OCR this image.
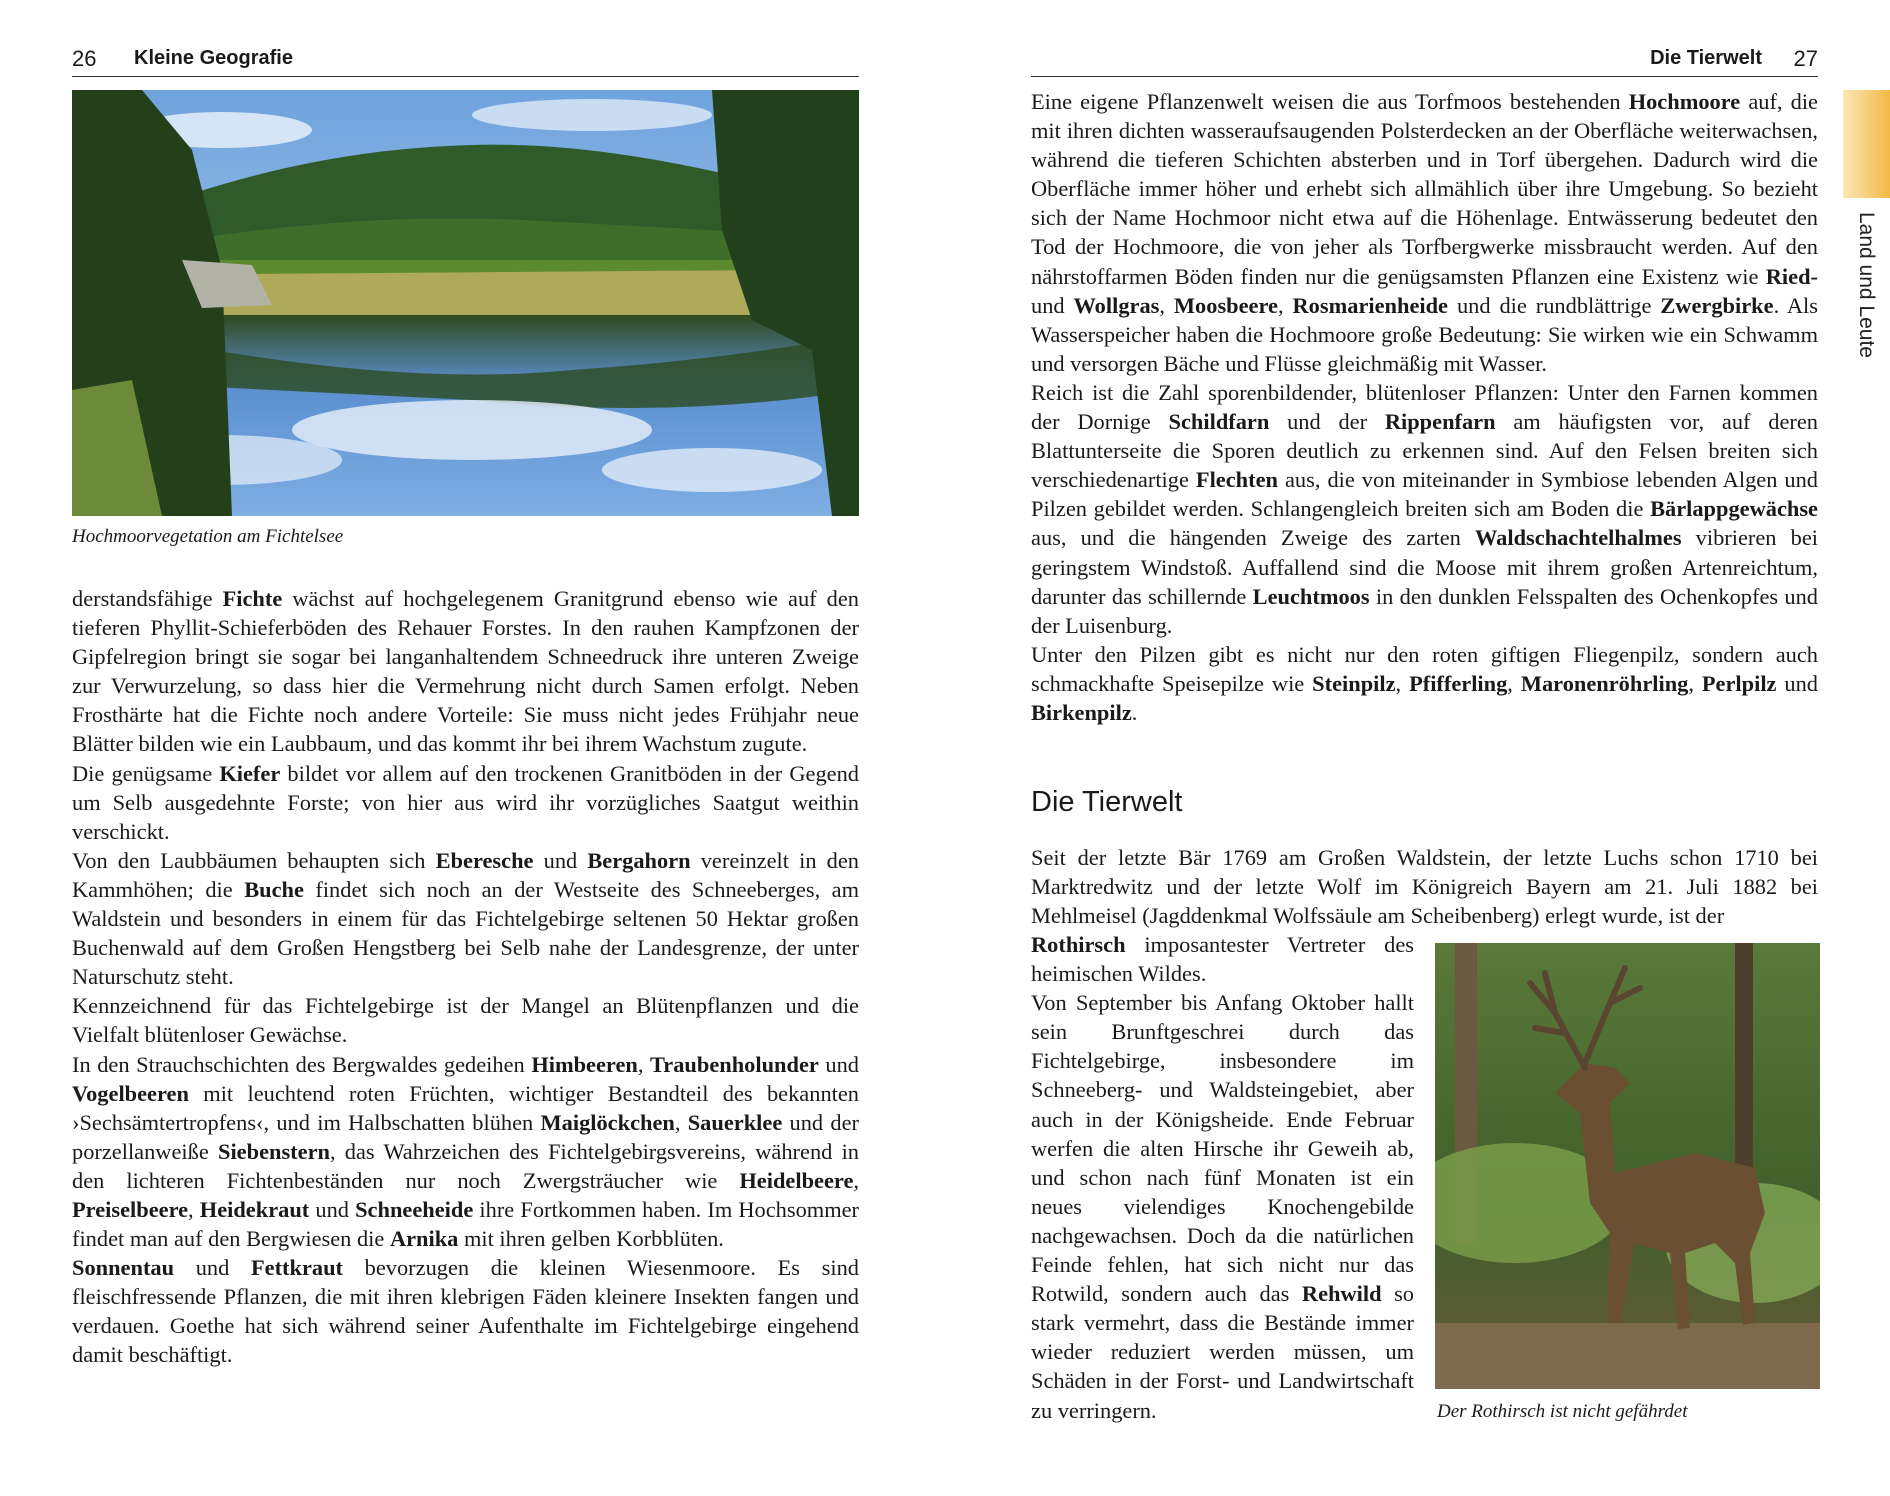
26 Kleine Geografie
Hochmoorvegetation am Fichtelsee

derstandsfähige Fichte wächst auf hochgelegenem Granitgrund ebenso wie auf den tieferen Phyllit-Schieferböden des Rehauer Forstes. In den rauhen Kampfzonen der Gipfelregion bringt sie sogar bei langanhaltendem Schneedruck ihre unteren Zweige zur Verwurzelung, so dass hier die Vermehrung nicht durch Samen erfolgt. Neben Frosthärte hat die Fichte noch andere Vorteile: Sie muss nicht jedes Frühjahr neue Blätter bilden wie ein Laubbaum, und das kommt ihr bei ihrem Wachstum zugute.

Die genügsame Kiefer bildet vor allem auf den trockenen Granitböden in der Gegend um Selb ausgedehnte Forste; von hier aus wird ihr vorzügliches Saatgut weithin verschickt.

Von den Laubbäumen behaupten sich Eberesche und Bergahorn vereinzelt in den Kammhöhen; die Buche findet sich noch an der Westseite des Schneeberges, am Waldstein und besonders in einem für das Fichtelgebirge seltenen 50 Hektar großen Buchenwald auf dem Großen Hengstberg bei Selb nahe der Landesgrenze, der unter Naturschutz steht.

Kennzeichnend für das Fichtelgebirge ist der Mangel an Blütenpflanzen und die Vielfalt blütenloser Gewächse.

In den Strauchschichten des Bergwaldes gedeihen Himbeeren, Traubenholunder und Vogelbeeren mit leuchtend roten Früchten, wichtiger Bestandteil des bekannten ›Sechsämtertropfens‹, und im Halbschatten blühen Maiglöckchen, Sauerklee und der porzellanweiße Siebenstern, das Wahrzeichen des Fichtelgebirgsvereins, während in den lichteren Fichtenbeständen nur noch Zwergsträucher wie Heidelbeere, Preiselbeere, Heidekraut und Schneeheide ihre Fortkommen haben. Im Hochsommer findet man auf den Bergwiesen die Arnika mit ihren gelben Korbblüten.

Sonnentau und Fettkraut bevorzugen die kleinen Wiesenmoore. Es sind fleischfressende Pflanzen, die mit ihren klebrigen Fäden kleinere Insekten fangen und verdauen. Goethe hat sich während seiner Aufenthalte im Fichtelgebirge eingehend damit beschäftigt.

Die Tierwelt 27

Eine eigene Pflanzenwelt weisen die aus Torfmoos bestehenden Hochmoore auf, die mit ihren dichten wasseraufsaugenden Polsterdecken an der Oberfläche weiterwachsen, während die tieferen Schichten absterben und in Torf übergehen. Dadurch wird die Oberfläche immer höher und erhebt sich allmählich über ihre Umgebung. So bezieht sich der Name Hochmoor nicht etwa auf die Höhenlage. Entwässerung bedeutet den Tod der Hochmoore, die von jeher als Torfbergwerke missbraucht werden. Auf den nährstoffarmen Böden finden nur die genügsamsten Pflanzen eine Existenz wie Ried- und Wollgras, Moosbeere, Rosmarienheide und die rundblättrige Zwergbirke. Als Wasserspeicher haben die Hochmoore große Bedeutung: Sie wirken wie ein Schwamm und versorgen Bäche und Flüsse gleichmäßig mit Wasser.

Reich ist die Zahl sporenbildender, blütenloser Pflanzen: Unter den Farnen kommen der Dornige Schildfarn und der Rippenfarn am häufigsten vor, auf deren Blattunterseite die Sporen deutlich zu erkennen sind. Auf den Felsen breiten sich verschiedenartige Flechten aus, die von miteinander in Symbiose lebenden Algen und Pilzen gebildet werden. Schlangengleich breiten sich am Boden die Bärlappgewächse aus, und die hängenden Zweige des zarten Waldschachtelhalmes vibrieren bei geringstem Windstoß. Auffallend sind die Moose mit ihrem großen Artenreichtum, darunter das schillernde Leuchtmoos in den dunklen Felsspalten des Ochenkopfes und der Luisenburg.

Unter den Pilzen gibt es nicht nur den roten giftigen Fliegenpilz, sondern auch schmackhafte Speisepilze wie Steinpilz, Pfifferling, Maronenröhrling, Perlpilz und Birkenpilz.

Die Tierwelt

Seit der letzte Bär 1769 am Großen Waldstein, der letzte Luchs schon 1710 bei Marktredwitz und der letzte Wolf im Königreich Bayern am 21. Juli 1882 bei Mehlmeisel (Jagddenkmal Wolfssäule am Scheibenberg) erlegt wurde, ist der

Rothirsch imposantester Vertreter des heimischen Wildes.

Von September bis Anfang Oktober hallt sein Brunftgeschrei durch das Fichtelgebirge, insbesondere im Schneeberg- und Waldsteingebiet, aber auch in der Königsheide. Ende Februar werfen die alten Hirsche ihr Geweih ab, und schon nach fünf Monaten ist ein neues vielendiges Knochengebilde nachgewachsen. Doch da die natürlichen Feinde fehlen, hat sich nicht nur das Rotwild, sondern auch das Rehwild so stark vermehrt, dass die Bestände immer wieder reduziert werden müssen, um Schäden in der Forst- und Landwirtschaft zu verringern.	Der Rothirsch ist nicht gefährdet
Land und Leute
